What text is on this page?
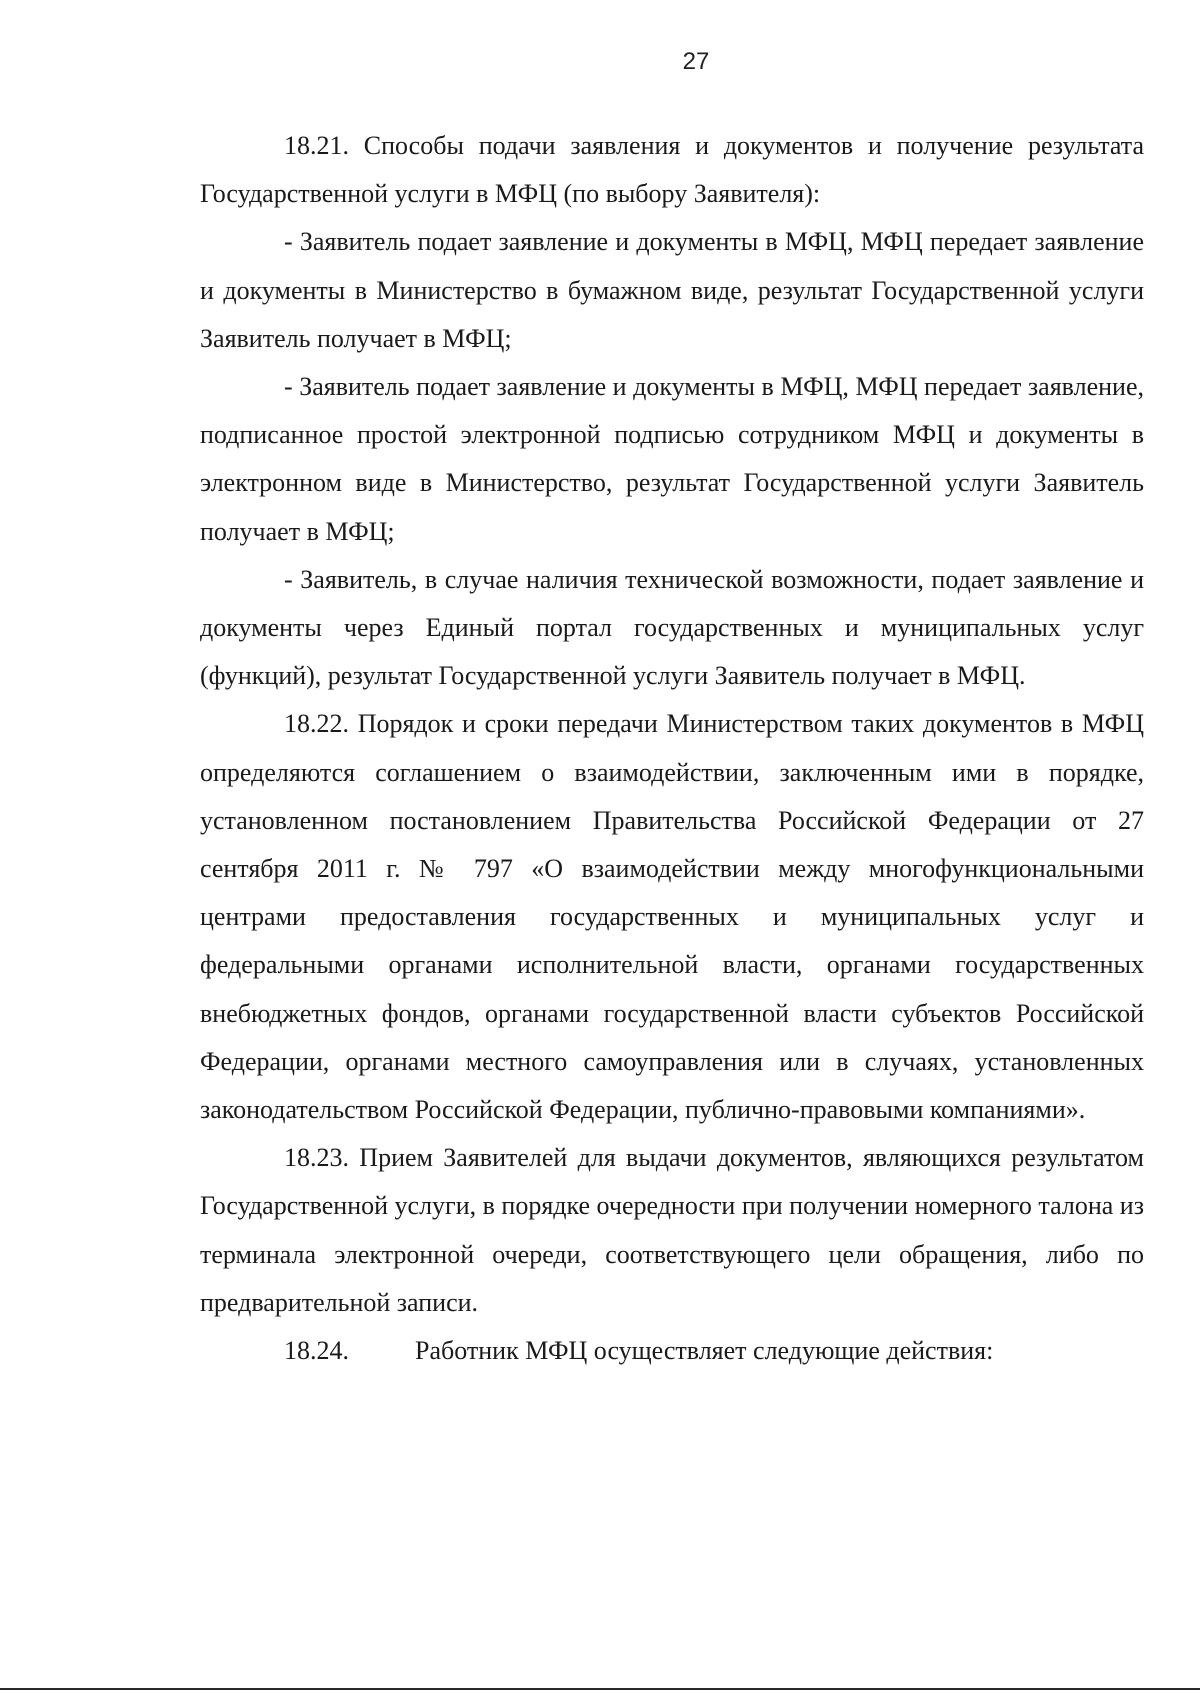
27

18.21. Способы подачи заявления и документов и получение результата Государственной услуги в МФЦ (по выбору Заявителя):

- Заявитель подает заявление и документы в МФЦ, МФЦ передает заявление и документы в Министерство в бумажном виде, результат Государственной услуги Заявитель получает в МФЦ;

- Заявитель подает заявление и документы в МФЦ, МФЦ передает заявление, подписанное простой электронной подписью сотрудником МФЦ и документы в электронном виде в Министерство, результат Государственной услуги Заявитель получает в МФЦ;

- Заявитель, в случае наличия технической возможности, подает заявление и документы через Единый портал государственных и муниципальных услуг (функций), результат Государственной услуги Заявитель получает в МФЦ.

18.22. Порядок и сроки передачи Министерством таких документов в МФЦ определяются соглашением о взаимодействии, заключенным ими в порядке, установленном постановлением Правительства Российской Федерации от 27 сентября 2011 г. № 797 «О взаимодействии между многофункциональными центрами предоставления государственных и муниципальных услуг и федеральными органами исполнительной власти, органами государственных внебюджетных фондов, органами государственной власти субъектов Российской Федерации, органами местного самоуправления или в случаях, установленных законодательством Российской Федерации, публично-правовыми компаниями».

18.23. Прием Заявителей для выдачи документов, являющихся результатом Государственной услуги, в порядке очередности при получении номерного талона из терминала электронной очереди, соответствующего цели обращения, либо по предварительной записи.

18.24.	Работник МФЦ осуществляет следующие действия:
